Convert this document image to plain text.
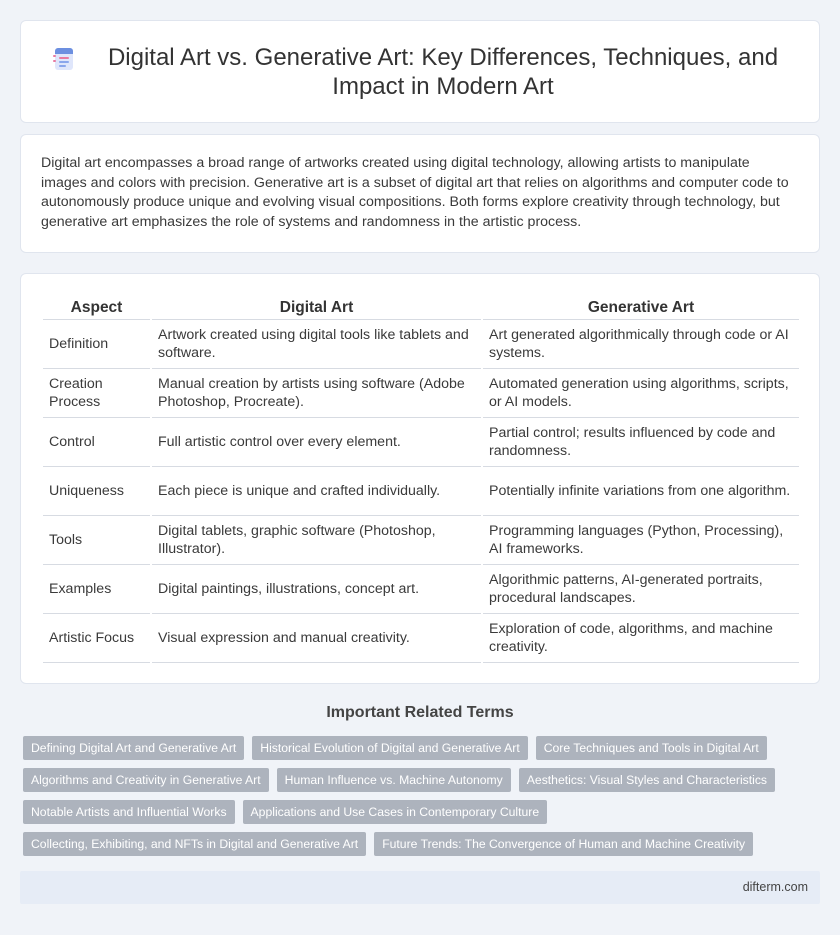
Digital Art vs. Generative Art: Key Differences, Techniques, and Impact in Modern Art

Digital art encompasses a broad range of artworks created using digital technology, allowing artists to manipulate images and colors with precision. Generative art is a subset of digital art that relies on algorithms and computer code to autonomously produce unique and evolving visual compositions. Both forms explore creativity through technology, but generative art emphasizes the role of systems and randomness in the artistic process.

Aspect	Digital Art	Generative Art
Definition	Artwork created using digital tools like tablets and software.	Art generated algorithmically through code or AI systems.
Creation Process	Manual creation by artists using software (Adobe Photoshop, Procreate).	Automated generation using algorithms, scripts, or AI models.
Control	Full artistic control over every element.	Partial control; results influenced by code and randomness.
Uniqueness	Each piece is unique and crafted individually.	Potentially infinite variations from one algorithm.
Tools	Digital tablets, graphic software (Photoshop, Illustrator).	Programming languages (Python, Processing), AI frameworks.
Examples	Digital paintings, illustrations, concept art.	Algorithmic patterns, AI-generated portraits, procedural landscapes.
Artistic Focus	Visual expression and manual creativity.	Exploration of code, algorithms, and machine creativity.
Important Related Terms
Defining Digital Art and Generative Art	Historical Evolution of Digital and Generative Art	Core Techniques and Tools in Digital Art
Algorithms and Creativity in Generative Art	Human Influence vs. Machine Autonomy	Aesthetics: Visual Styles and Characteristics
Notable Artists and Influential Works	Applications and Use Cases in Contemporary Culture
Collecting, Exhibiting, and NFTs in Digital and Generative Art	Future Trends: The Convergence of Human and Machine Creativity
difterm.com
